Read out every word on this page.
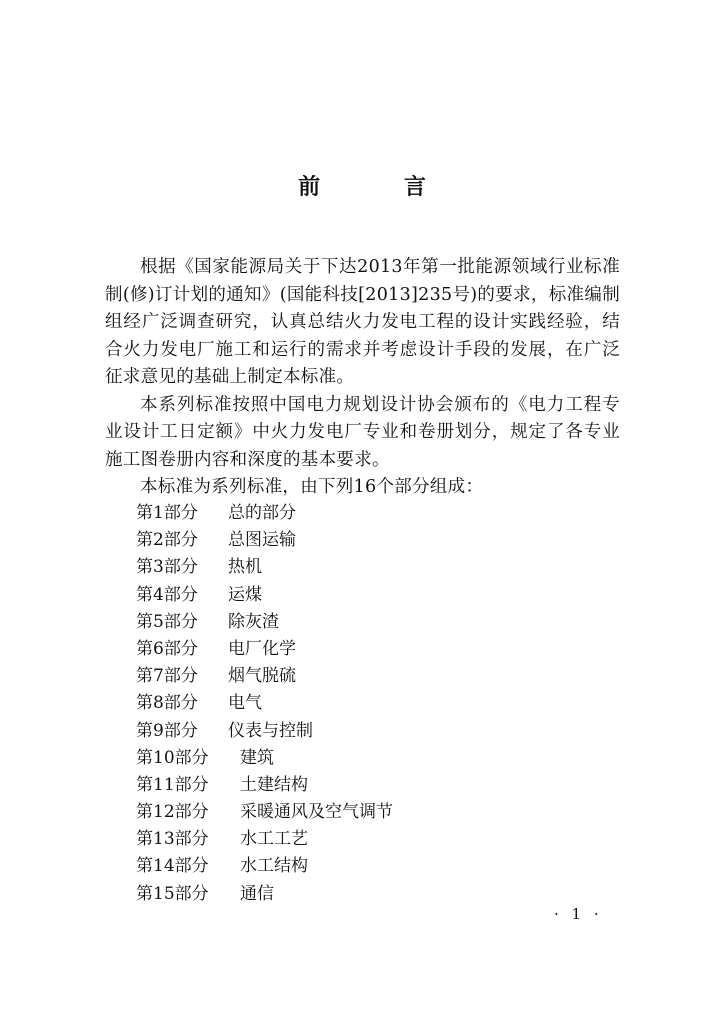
前 言

根据《国家能源局关于下达2013年第一批能源领域行业标准制(修)订计划的通知》(国能科技[2013]235号)的要求，标准编制组经广泛调查研究，认真总结火力发电工程的设计实践经验，结合火力发电厂施工和运行的需求并考虑设计手段的发展，在广泛征求意见的基础上制定本标准。

本系列标准按照中国电力规划设计协会颁布的《电力工程专业设计工日定额》中火力发电厂专业和卷册划分，规定了各专业施工图卷册内容和深度的基本要求。

本标准为系列标准，由下列16个部分组成：

第1部分 总的部分
第2部分 总图运输
第3部分 热机
第4部分 运煤
第5部分 除灰渣
第6部分 电厂化学
第7部分 烟气脱硫
第8部分 电气
第9部分 仪表与控制
第10部分 建筑
第11部分 土建结构
第12部分 采暖通风及空气调节
第13部分 水工工艺
第14部分 水工结构
第15部分 通信
· 1 ·
